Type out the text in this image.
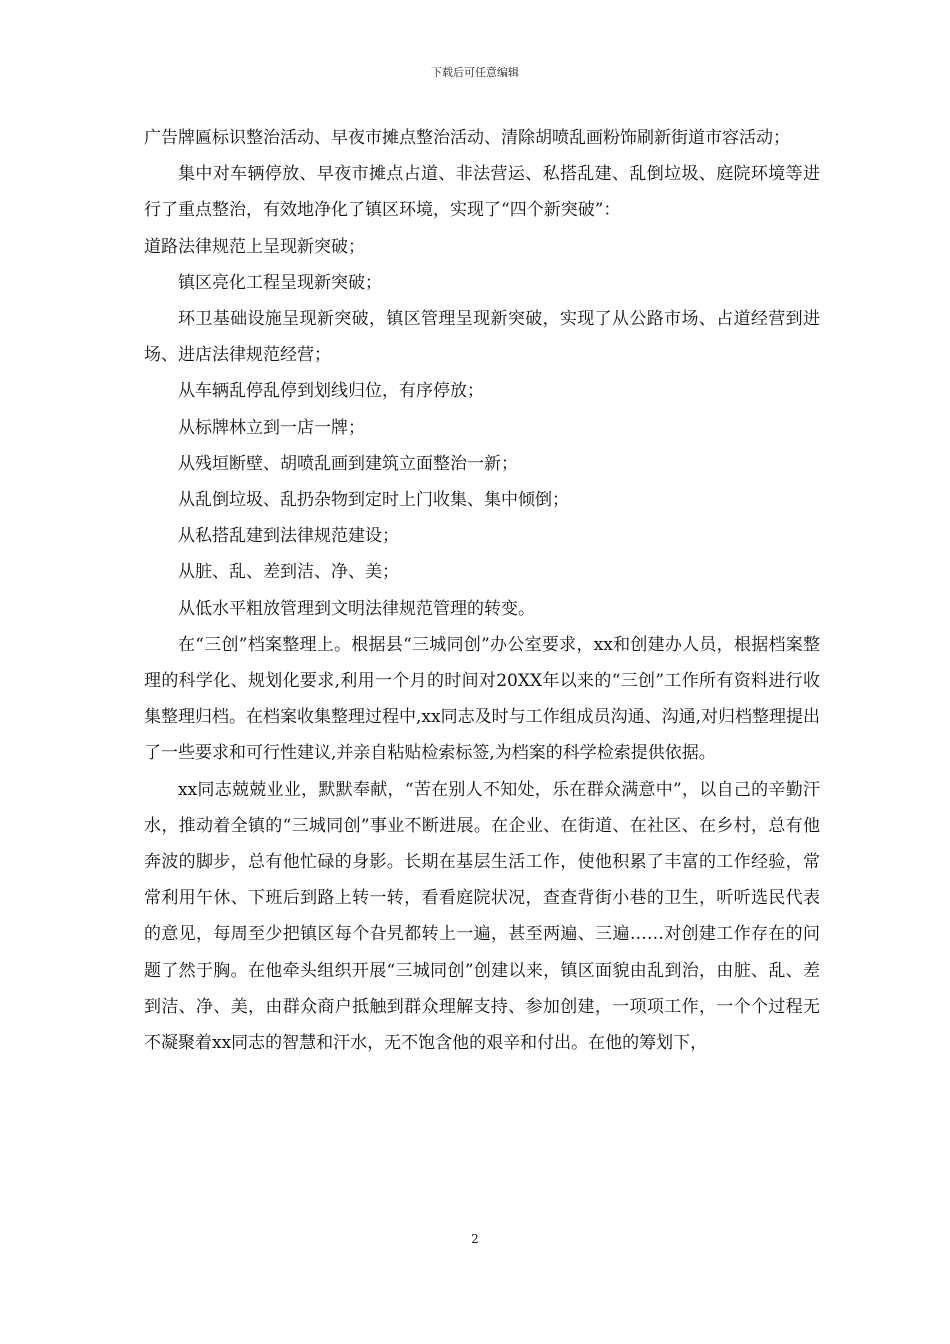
下载后可任意编辑

广告牌匾标识整治活动、早夜市摊点整治活动、清除胡喷乱画粉饰刷新街道市容活动；

集中对车辆停放、早夜市摊点占道、非法营运、私搭乱建、乱倒垃圾、庭院环境等进行了重点整治，有效地净化了镇区环境，实现了“四个新突破”：

道路法律规范上呈现新突破；

镇区亮化工程呈现新突破；

环卫基础设施呈现新突破，镇区管理呈现新突破，实现了从公路市场、占道经营到进场、进店法律规范经营；

从车辆乱停乱停到划线归位，有序停放；

从标牌林立到一店一牌；

从残垣断壁、胡喷乱画到建筑立面整治一新；

从乱倒垃圾、乱扔杂物到定时上门收集、集中倾倒；

从私搭乱建到法律规范建设；

从脏、乱、差到洁、净、美；

从低水平粗放管理到文明法律规范管理的转变。

在“三创”档案整理上。根据县“三城同创”办公室要求，xx和创建办人员，根据档案整理的科学化、规划化要求,利用一个月的时间对20XX年以来的“三创”工作所有资料进行收集整理归档。在档案收集整理过程中,xx同志及时与工作组成员沟通、沟通,对归档整理提出了一些要求和可行性建议,并亲自粘贴检索标签,为档案的科学检索提供依据。

xx同志兢兢业业，默默奉献，“苦在别人不知处，乐在群众满意中”，以自己的辛勤汗水，推动着全镇的“三城同创”事业不断进展。在企业、在街道、在社区、在乡村，总有他奔波的脚步，总有他忙碌的身影。长期在基层生活工作，使他积累了丰富的工作经验，常常利用午休、下班后到路上转一转，看看庭院状况，查查背街小巷的卫生，听听选民代表的意见，每周至少把镇区每个旮旯都转上一遍，甚至两遍、三遍……对创建工作存在的问题了然于胸。在他牵头组织开展“三城同创”创建以来，镇区面貌由乱到治，由脏、乱、差到洁、净、美，由群众商户抵触到群众理解支持、参加创建，一项项工作，一个个过程无不凝聚着xx同志的智慧和汗水，无不饱含他的艰辛和付出。在他的筹划下，

2
